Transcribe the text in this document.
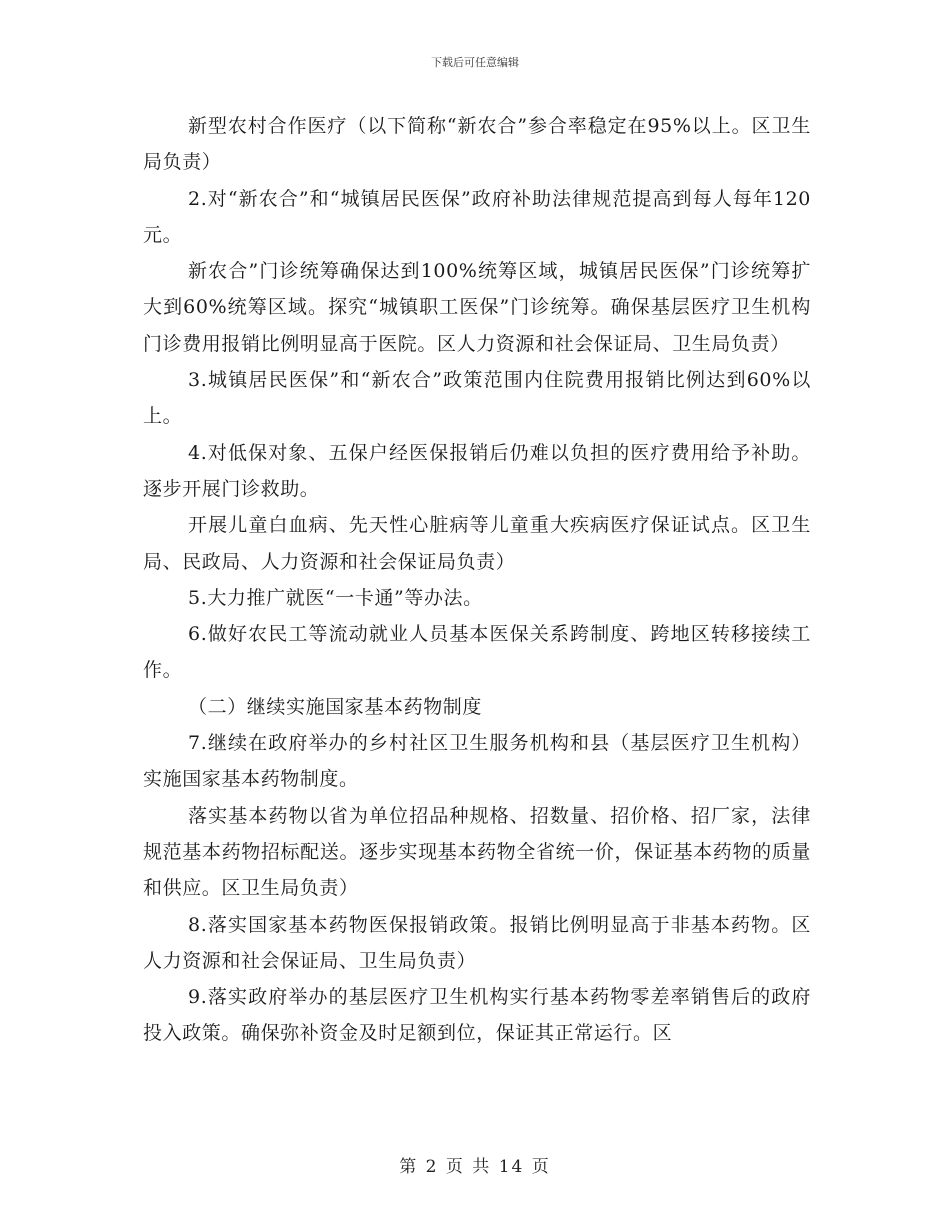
下载后可任意编辑

新型农村合作医疗（以下简称“新农合”参合率稳定在95%以上。区卫生局负责）

2.对“新农合”和“城镇居民医保”政府补助法律规范提高到每人每年120元。

新农合”门诊统筹确保达到100%统筹区域，城镇居民医保”门诊统筹扩大到60%统筹区域。探究“城镇职工医保”门诊统筹。确保基层医疗卫生机构门诊费用报销比例明显高于医院。区人力资源和社会保证局、卫生局负责）

3.城镇居民医保”和“新农合”政策范围内住院费用报销比例达到60%以上。

4.对低保对象、五保户经医保报销后仍难以负担的医疗费用给予补助。逐步开展门诊救助。

开展儿童白血病、先天性心脏病等儿童重大疾病医疗保证试点。区卫生局、民政局、人力资源和社会保证局负责）

5.大力推广就医“一卡通”等办法。

6.做好农民工等流动就业人员基本医保关系跨制度、跨地区转移接续工作。

（二）继续实施国家基本药物制度

7.继续在政府举办的乡村社区卫生服务机构和县（基层医疗卫生机构）实施国家基本药物制度。

落实基本药物以省为单位招品种规格、招数量、招价格、招厂家，法律规范基本药物招标配送。逐步实现基本药物全省统一价，保证基本药物的质量和供应。区卫生局负责）

8.落实国家基本药物医保报销政策。报销比例明显高于非基本药物。区人力资源和社会保证局、卫生局负责）

9.落实政府举办的基层医疗卫生机构实行基本药物零差率销售后的政府投入政策。确保弥补资金及时足额到位，保证其正常运行。区

第 2 页 共 14 页
